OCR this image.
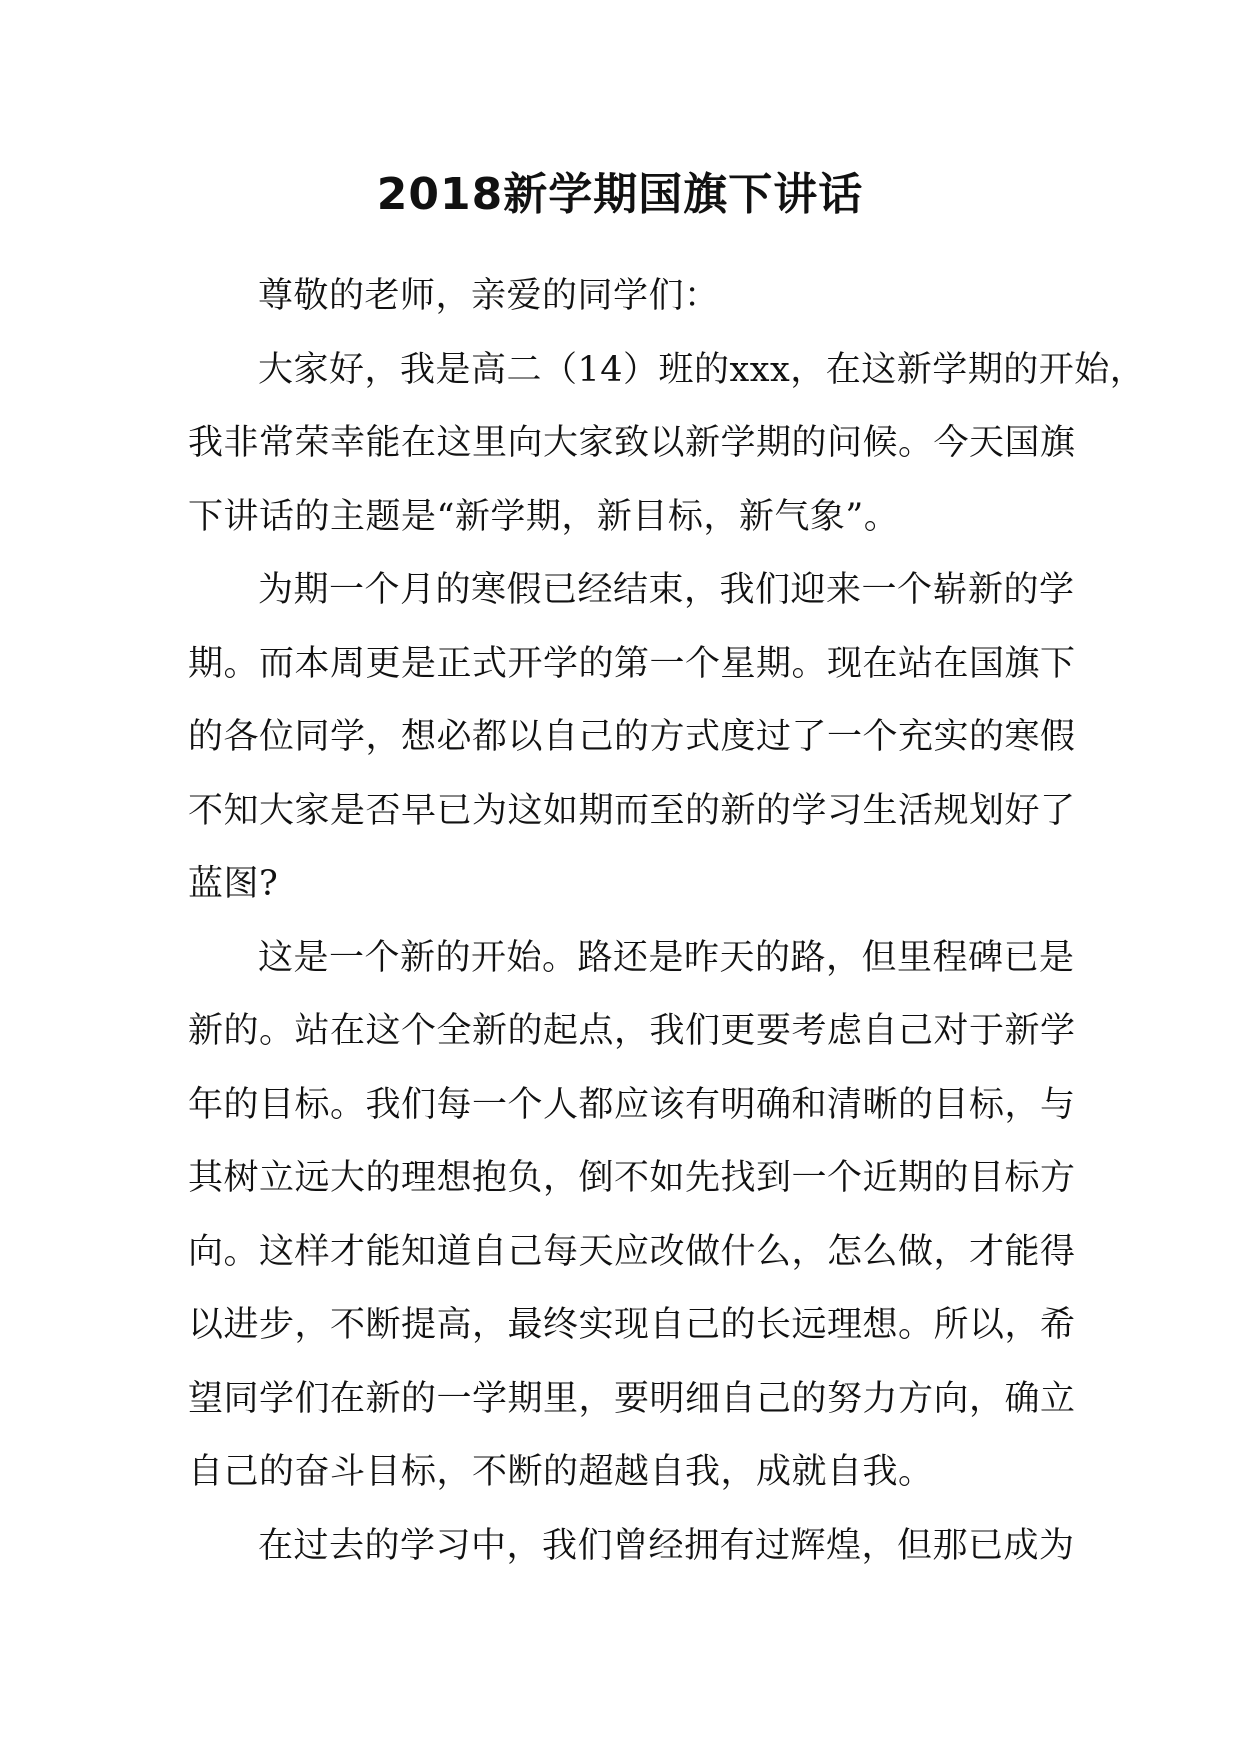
2018新学期国旗下讲话

尊敬的老师，亲爱的同学们：

大家好，我是高二（14）班的xxx，在这新学期的开始，
我非常荣幸能在这里向大家致以新学期的问候。今天国旗
下讲话的主题是“新学期，新目标，新气象”。

为期一个月的寒假已经结束，我们迎来一个崭新的学
期。而本周更是正式开学的第一个星期。现在站在国旗下
的各位同学，想必都以自己的方式度过了一个充实的寒假
不知大家是否早已为这如期而至的新的学习生活规划好了
蓝图?

这是一个新的开始。路还是昨天的路，但里程碑已是
新的。站在这个全新的起点，我们更要考虑自己对于新学
年的目标。我们每一个人都应该有明确和清晰的目标，与
其树立远大的理想抱负，倒不如先找到一个近期的目标方
向。这样才能知道自己每天应改做什么，怎么做，才能得
以进步，不断提高，最终实现自己的长远理想。所以，希
望同学们在新的一学期里，要明细自己的努力方向，确立
自己的奋斗目标，不断的超越自我，成就自我。

在过去的学习中，我们曾经拥有过辉煌，但那已成为
